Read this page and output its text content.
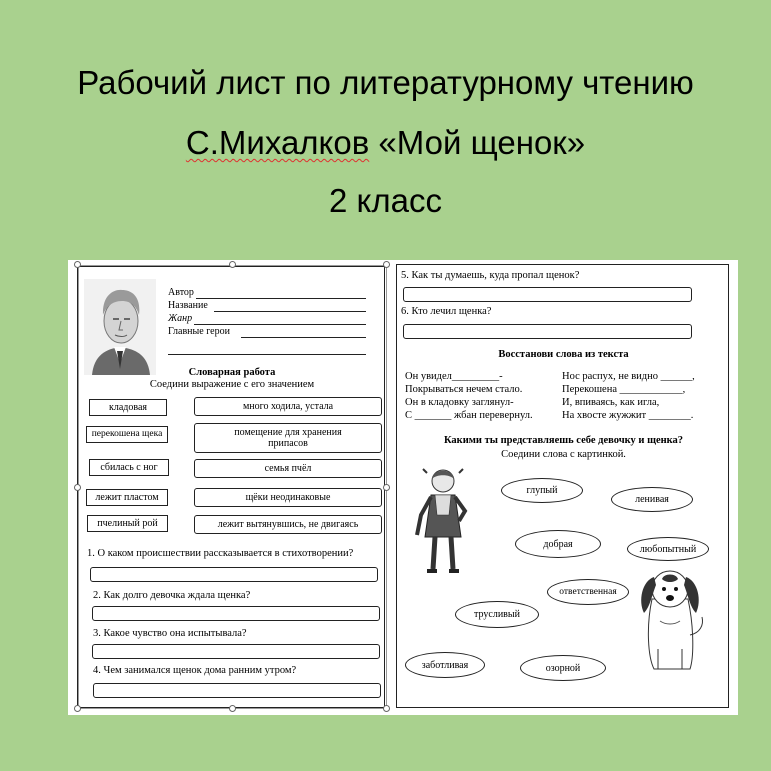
Рабочий лист по литературному чтению
С.Михалков «Мой щенок»
2 класс
Автор
Название
Жанр
Главные герои
Словарная работа
Соедини выражение с его значением
кладовая
перекошена щека
сбилась с ног
лежит пластом
пчелиный рой
много ходила, устала
помещение для хранения припасов
семья пчёл
щёки неодинаковые
лежит вытянувшись, не двигаясь
1. О каком происшествии рассказывается в стихотворении?
2. Как долго девочка ждала щенка?
3. Какое чувство она испытывала?
4. Чем занимался щенок дома ранним утром?
5. Как ты думаешь, куда пропал щенок?
6. Кто лечил щенка?
Восстанови слова из текста
Он увидел_________-
Покрываться нечем стало.
Он в кладовку заглянул-
С _______ жбан перевернул.
Нос распух, не видно ______,
Перекошена ____________,
И, впиваясь, как игла,
На хвосте жужжит ________.
Какими ты представляешь себе девочку и щенка?
Соедини слова с картинкой.
глупый
ленивая
добрая	любопытный
ответственная
трусливый
заботливая	озорной
